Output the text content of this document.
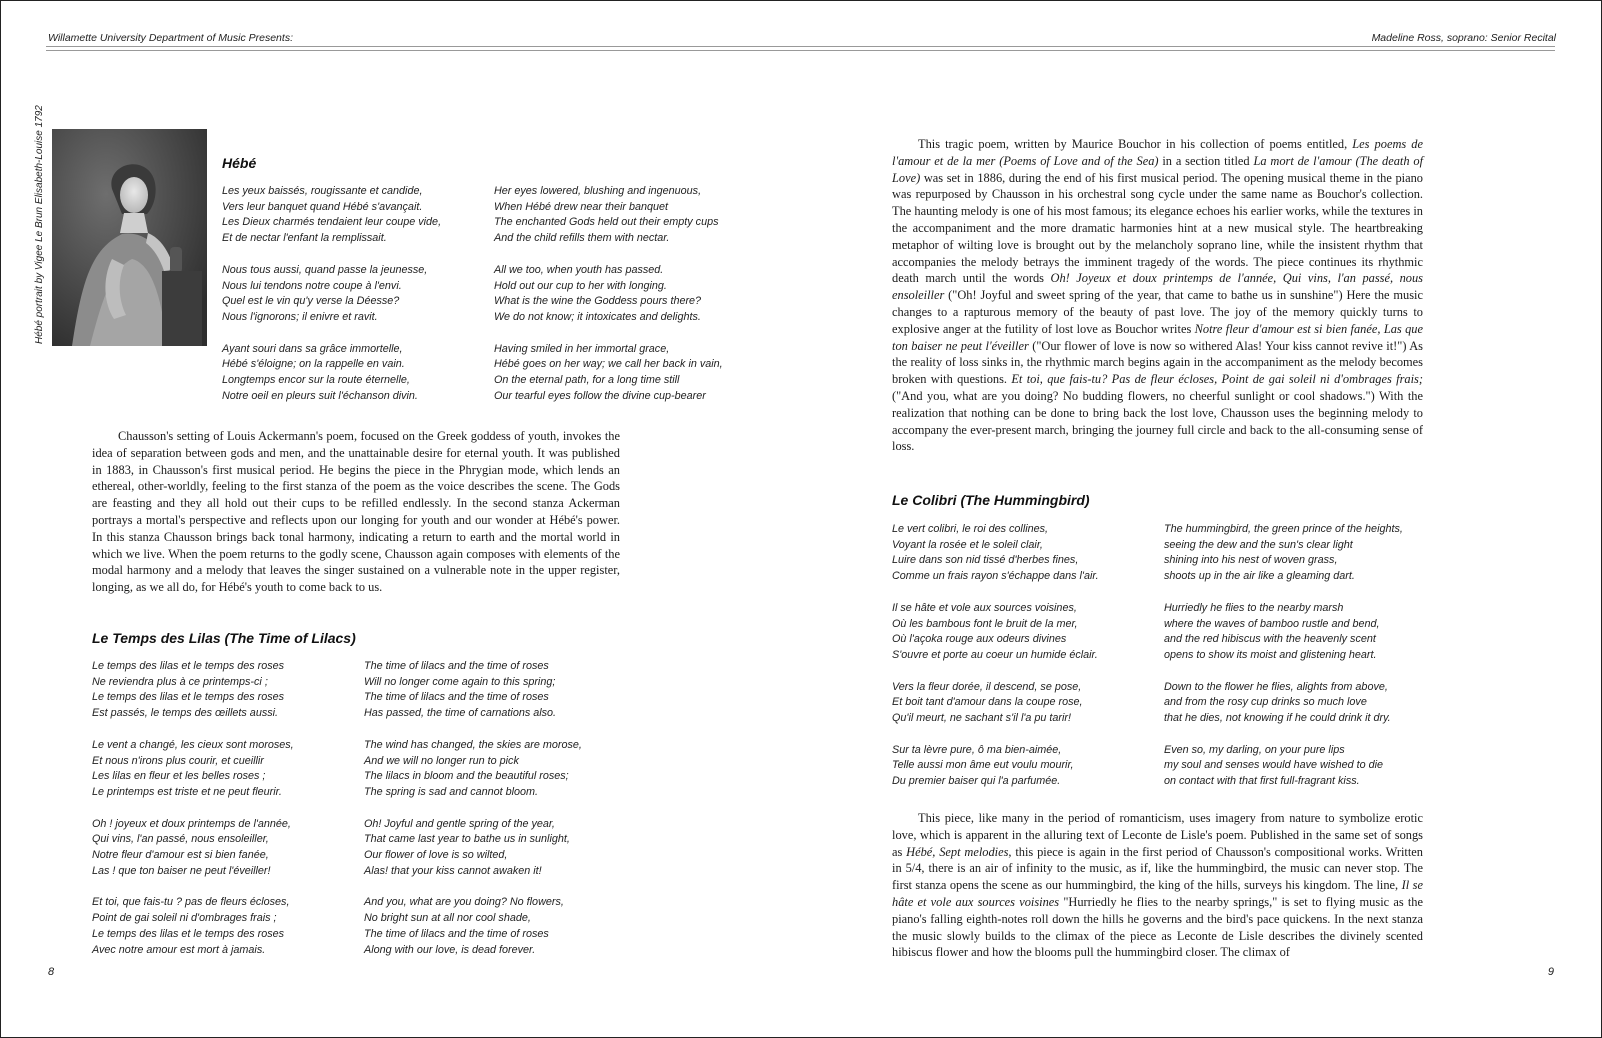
Willamette University Department of Music Presents:	Madeline Ross, soprano: Senior Recital
Hébé portrait by Vigee Le Brun Elisabeth-Louise 1792	Hébé
Les yeux baissés, rougissante et candide,
Vers leur banquet quand Hébé s'avançait.
Les Dieux charmés tendaient leur coupe vide,
Et de nectar l'enfant la remplissait.
Nous tous aussi, quand passe la jeunesse,
Nous lui tendons notre coupe à l'envi.
Quel est le vin qu'y verse la Déesse?
Nous l'ignorons; il enivre et ravit.
Ayant souri dans sa grâce immortelle,
Hébé s'éloigne; on la rappelle en vain.
Longtemps encor sur la route éternelle,
Notre oeil en pleurs suit l'échanson divin.
Her eyes lowered, blushing and ingenuous,
When Hébé drew near their banquet
The enchanted Gods held out their empty cups
And the child refills them with nectar.
All we too, when youth has passed.
Hold out our cup to her with longing.
What is the wine the Goddess pours there?
We do not know; it intoxicates and delights.
Having smiled in her immortal grace,
Hébé goes on her way; we call her back in vain,
On the eternal path, for a long time still
Our tearful eyes follow the divine cup-bearer

Chausson's setting of Louis Ackermann's poem, focused on the Greek goddess of youth, invokes the idea of separation between gods and men, and the unattainable desire for eternal youth. It was published in 1883, in Chausson's first musical period. He begins the piece in the Phrygian mode, which lends an ethereal, other-worldly, feeling to the first stanza of the poem as the voice describes the scene. The Gods are feasting and they all hold out their cups to be refilled endlessly. In the second stanza Ackerman portrays a mortal's perspective and reflects upon our longing for youth and our wonder at Hébé's power. In this stanza Chausson brings back tonal harmony, indicating a return to earth and the mortal world in which we live. When the poem returns to the godly scene, Chausson again composes with elements of the modal harmony and a melody that leaves the singer sustained on a vulnerable note in the upper register, longing, as we all do, for Hébé's youth to come back to us.

Le Temps des Lilas (The Time of Lilacs)
Le temps des lilas et le temps des roses
Ne reviendra plus à ce printemps-ci ;
Le temps des lilas et le temps des roses
Est passés, le temps des œillets aussi.
Le vent a changé, les cieux sont moroses,
Et nous n'irons plus courir, et cueillir
Les lilas en fleur et les belles roses ;
Le printemps est triste et ne peut fleurir.
Oh ! joyeux et doux printemps de l'année,
Qui vins, l'an passé, nous ensoleiller,
Notre fleur d'amour est si bien fanée,
Las ! que ton baiser ne peut l'éveiller!
Et toi, que fais-tu ? pas de fleurs écloses,
Point de gai soleil ni d'ombrages frais ;
Le temps des lilas et le temps des roses
Avec notre amour est mort à jamais.
The time of lilacs and the time of roses
Will no longer come again to this spring;
The time of lilacs and the time of roses
Has passed, the time of carnations also.
The wind has changed, the skies are morose,
And we will no longer run to pick
The lilacs in bloom and the beautiful roses;
The spring is sad and cannot bloom.
Oh! Joyful and gentle spring of the year,
That came last year to bathe us in sunlight,
Our flower of love is so wilted,
Alas! that your kiss cannot awaken it!
And you, what are you doing? No flowers,
No bright sun at all nor cool shade,
The time of lilacs and the time of roses
Along with our love, is dead forever.
8

This tragic poem, written by Maurice Bouchor in his collection of poems entitled, Les poems de l'amour et de la mer (Poems of Love and of the Sea) in a section titled La mort de l'amour (The death of Love) was set in 1886, during the end of his first musical period. The opening musical theme in the piano was repurposed by Chausson in his orchestral song cycle under the same name as Bouchor's collection. The haunting melody is one of his most famous; its elegance echoes his earlier works, while the textures in the accompaniment and the more dramatic harmonies hint at a new musical style. The heartbreaking metaphor of wilting love is brought out by the melancholy soprano line, while the insistent rhythm that accompanies the melody betrays the imminent tragedy of the words. The piece continues its rhythmic death march until the words Oh! Joyeux et doux printemps de l'année, Qui vins, l'an passé, nous ensoleiller ("Oh! Joyful and sweet spring of the year, that came to bathe us in sunshine") Here the music changes to a rapturous memory of the beauty of past love. The joy of the memory quickly turns to explosive anger at the futility of lost love as Bouchor writes Notre fleur d'amour est si bien fanée, Las que ton baiser ne peut l'éveiller ("Our flower of love is now so withered Alas! Your kiss cannot revive it!") As the reality of loss sinks in, the rhythmic march begins again in the accompaniment as the melody becomes broken with questions. Et toi, que fais-tu? Pas de fleur écloses, Point de gai soleil ni d'ombrages frais; ("And you, what are you doing? No budding flowers, no cheerful sunlight or cool shadows.") With the realization that nothing can be done to bring back the lost love, Chausson uses the beginning melody to accompany the ever-present march, bringing the journey full circle and back to the all-consuming sense of loss.

Le Colibri (The Hummingbird)
Le vert colibri, le roi des collines,
Voyant la rosée et le soleil clair,
Luire dans son nid tissé d'herbes fines,
Comme un frais rayon s'échappe dans l'air.
Il se hâte et vole aux sources voisines,
Où les bambous font le bruit de la mer,
Où l'açoka rouge aux odeurs divines
S'ouvre et porte au coeur un humide éclair.
Vers la fleur dorée, il descend, se pose,
Et boit tant d'amour dans la coupe rose,
Qu'il meurt, ne sachant s'il l'a pu tarir!
Sur ta lèvre pure, ô ma bien-aimée,
Telle aussi mon âme eut voulu mourir,
Du premier baiser qui l'a parfumée.
The hummingbird, the green prince of the heights,
seeing the dew and the sun's clear light
shining into his nest of woven grass,
shoots up in the air like a gleaming dart.
Hurriedly he flies to the nearby marsh
where the waves of bamboo rustle and bend,
and the red hibiscus with the heavenly scent
opens to show its moist and glistening heart.
Down to the flower he flies, alights from above,
and from the rosy cup drinks so much love
that he dies, not knowing if he could drink it dry.
Even so, my darling, on your pure lips
my soul and senses would have wished to die
on contact with that first full-fragrant kiss.

This piece, like many in the period of romanticism, uses imagery from nature to symbolize erotic love, which is apparent in the alluring text of Leconte de Lisle's poem. Published in the same set of songs as Hébé, Sept melodies, this piece is again in the first period of Chausson's compositional works. Written in 5/4, there is an air of infinity to the music, as if, like the hummingbird, the music can never stop. The first stanza opens the scene as our hummingbird, the king of the hills, surveys his kingdom. The line, Il se hâte et vole aux sources voisines "Hurriedly he flies to the nearby springs," is set to flying music as the piano's falling eighth-notes roll down the hills he governs and the bird's pace quickens. In the next stanza the music slowly builds to the climax of the piece as Leconte de Lisle describes the divinely scented hibiscus flower and how the blooms pull the hummingbird closer. The climax of

9
